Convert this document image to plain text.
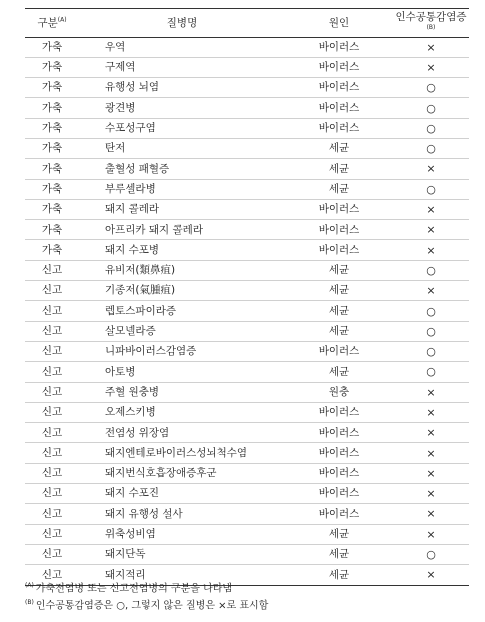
구분$^{(A)}$	질병명	원인	인수공통감염증$^{(B)}$
가축	우역	바이러스	×
가축	구제역	바이러스	×
가축	유행성 뇌염	바이러스	○
가축	광견병	바이러스	○
가축	수포성구염	바이러스	○
가축	탄저	세균	○
가축	출혈성 패혈증	세균	×
가축	부루셀라병	세균	○
가축	돼지 콜레라	바이러스	×
가축	아프리카 돼지 콜레라	바이러스	×
가축	돼지 수포병	바이러스	×
신고	유비저(類鼻疽)	세균	○
신고	기종저(氣腫疽)	세균	×
신고	렙토스파이라증	세균	○
신고	살모넬라증	세균	○
신고	니파바이러스감염증	바이러스	○
신고	아토병	세균	○
신고	주혈 원충병	원충	×
신고	오제스키병	바이러스	×
신고	전염성 위장염	바이러스	×
신고	돼지엔테로바이러스성뇌척수염	바이러스	×
신고	돼지번식호흡장애증후군	바이러스	×
신고	돼지 수포진	바이러스	×
신고	돼지 유행성 설사	바이러스	×
신고	위축성비염	세균	×
신고	돼지단독	세균	○
신고	돼지적리	세균	×
$^{(A)}$ 가축전염병 또는 신고전염병의 구분을 나타냄
$^{(B)}$ 인수공통감염증은 ○, 그렇지 않은 질병은 ×로 표시함
